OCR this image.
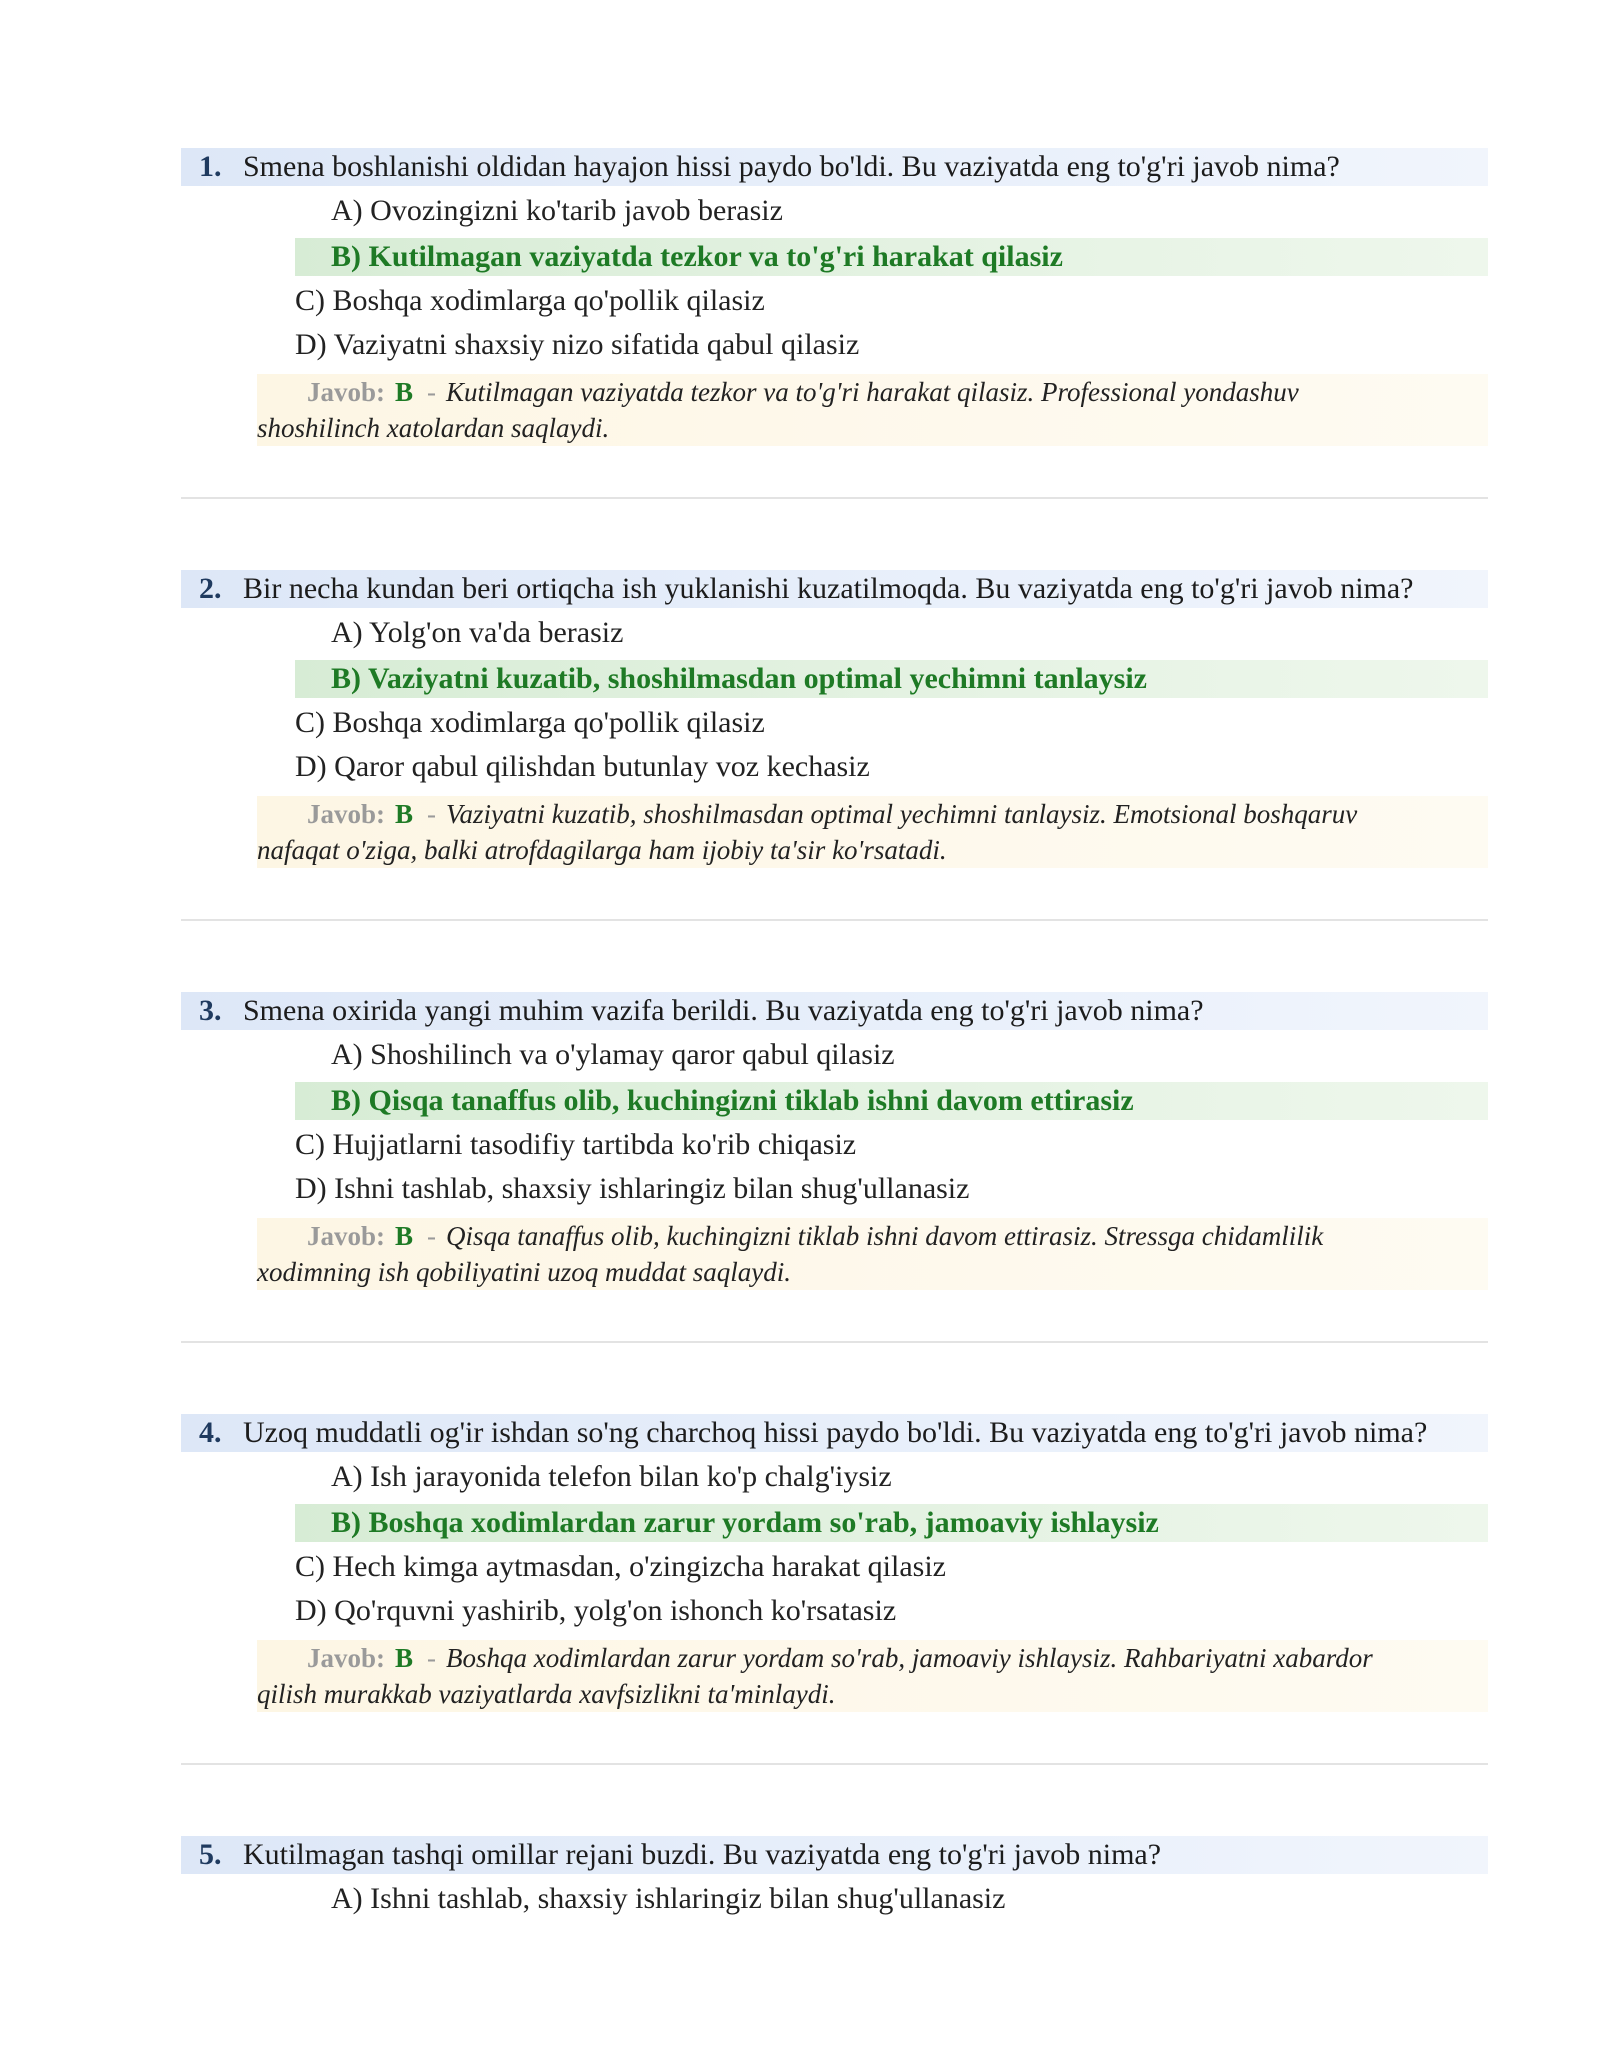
1. Smena boshlanishi oldidan hayajon hissi paydo bo'ldi. Bu vaziyatda eng to'g'ri javob nima?
A) Ovozingizni ko'tarib javob berasiz
B) Kutilmagan vaziyatda tezkor va to'g'ri harakat qilasiz
C) Boshqa xodimlarga qo'pollik qilasiz
D) Vaziyatni shaxsiy nizo sifatida qabul qilasiz
Javob: B - Kutilmagan vaziyatda tezkor va to'g'ri harakat qilasiz. Professional yondashuv
shoshilinch xatolardan saqlaydi.
2. Bir necha kundan beri ortiqcha ish yuklanishi kuzatilmoqda. Bu vaziyatda eng to'g'ri javob nima?
A) Yolg'on va'da berasiz
B) Vaziyatni kuzatib, shoshilmasdan optimal yechimni tanlaysiz
C) Boshqa xodimlarga qo'pollik qilasiz
D) Qaror qabul qilishdan butunlay voz kechasiz
Javob: B - Vaziyatni kuzatib, shoshilmasdan optimal yechimni tanlaysiz. Emotsional boshqaruv
nafaqat o'ziga, balki atrofdagilarga ham ijobiy ta'sir ko'rsatadi.
3. Smena oxirida yangi muhim vazifa berildi. Bu vaziyatda eng to'g'ri javob nima?
A) Shoshilinch va o'ylamay qaror qabul qilasiz
B) Qisqa tanaffus olib, kuchingizni tiklab ishni davom ettirasiz
C) Hujjatlarni tasodifiy tartibda ko'rib chiqasiz
D) Ishni tashlab, shaxsiy ishlaringiz bilan shug'ullanasiz
Javob: B - Qisqa tanaffus olib, kuchingizni tiklab ishni davom ettirasiz. Stressga chidamlilik
xodimning ish qobiliyatini uzoq muddat saqlaydi.
4. Uzoq muddatli og'ir ishdan so'ng charchoq hissi paydo bo'ldi. Bu vaziyatda eng to'g'ri javob nima?
A) Ish jarayonida telefon bilan ko'p chalg'iysiz
B) Boshqa xodimlardan zarur yordam so'rab, jamoaviy ishlaysiz
C) Hech kimga aytmasdan, o'zingizcha harakat qilasiz
D) Qo'rquvni yashirib, yolg'on ishonch ko'rsatasiz
Javob: B - Boshqa xodimlardan zarur yordam so'rab, jamoaviy ishlaysiz. Rahbariyatni xabardor
qilish murakkab vaziyatlarda xavfsizlikni ta'minlaydi.
5. Kutilmagan tashqi omillar rejani buzdi. Bu vaziyatda eng to'g'ri javob nima?
A) Ishni tashlab, shaxsiy ishlaringiz bilan shug'ullanasiz
